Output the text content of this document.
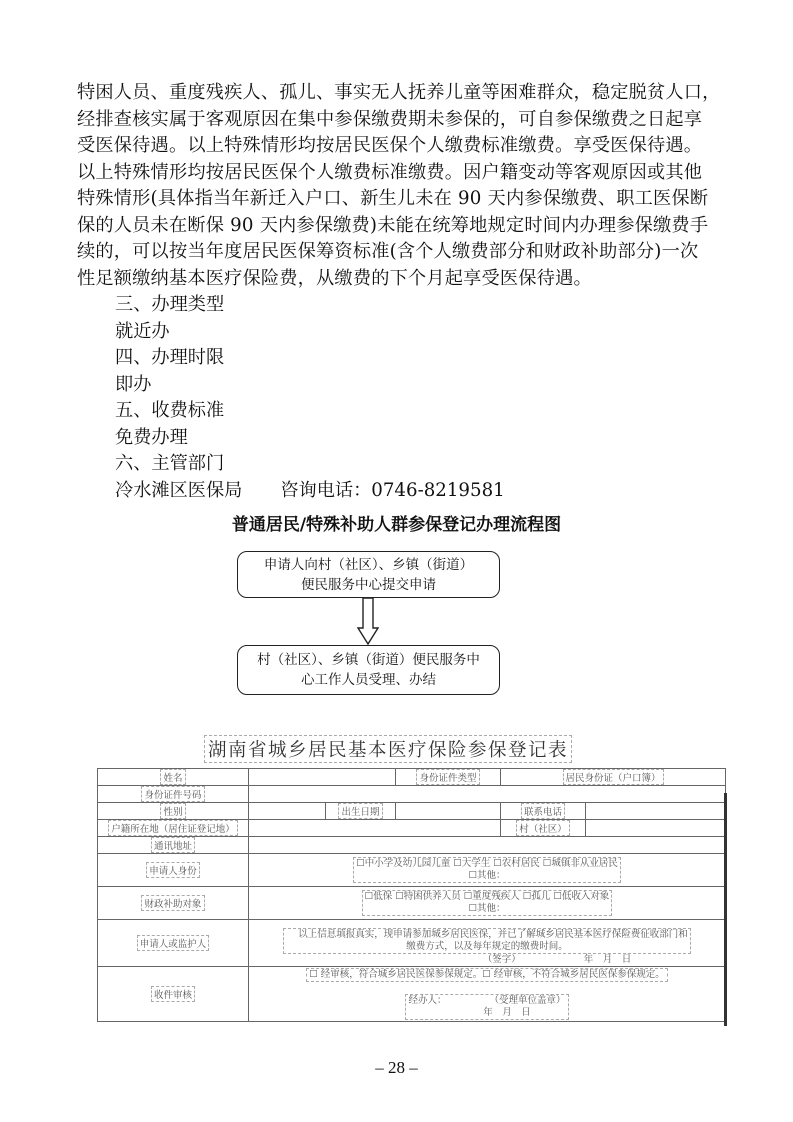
特困人员、重度残疾人、孤儿、事实无人抚养儿童等困难群众，稳定脱贫人口，
经排查核实属于客观原因在集中参保缴费期未参保的，可自参保缴费之日起享
受医保待遇。以上特殊情形均按居民医保个人缴费标准缴费。享受医保待遇。
以上特殊情形均按居民医保个人缴费标准缴费。因户籍变动等客观原因或其他
特殊情形(具体指当年新迁入户口、新生儿未在 90 天内参保缴费、职工医保断
保的人员未在断保 90 天内参保缴费)未能在统筹地规定时间内办理参保缴费手
续的，可以按当年度居民医保筹资标准(含个人缴费部分和财政补助部分)一次
性足额缴纳基本医疗保险费，从缴费的下个月起享受医保待遇。
三、办理类型
就近办
四、办理时限
即办
五、收费标准
免费办理
六、主管部门
冷水滩区医保局 咨询电话：0746-8219581
普通居民/特殊补助人群参保登记办理流程图
申请人向村（社区）、乡镇（街道）
便民服务中心提交申请
村（社区）、乡镇（街道）便民服务中
心工作人员受理、办结
湖南省城乡居民基本医疗保险参保登记表
姓名			身份证件类型	居民身份证（户口簿）	
身份证件号码					
性别		出生日期		联系电话	
户籍所在地（居住证登记地）				村（社区）	
通讯地址					
申请人身份	☐中小学及幼儿园儿童 ☐大学生 ☐农村居民 ☐城镇非从业居民
☐其他：				
财政补助对象	☐低保 ☐特困供养人员 ☐重度残疾人 ☐孤儿 ☐低收入对象
☐其他：				
申请人或监护人	以上信息填报真实，现申请参加城乡居民医保，并已了解城乡居民基本医疗保险费征收部门和
缴费方式，以及每年规定的缴费时间。
（签字） 年　月　日				
收件审核	☐ 经审核，符合城乡居民医保参保规定。☐ 经审核，不符合城乡居民医保参保规定。

经办人： （受理单位盖章）
年　月　日				
– 28 –
